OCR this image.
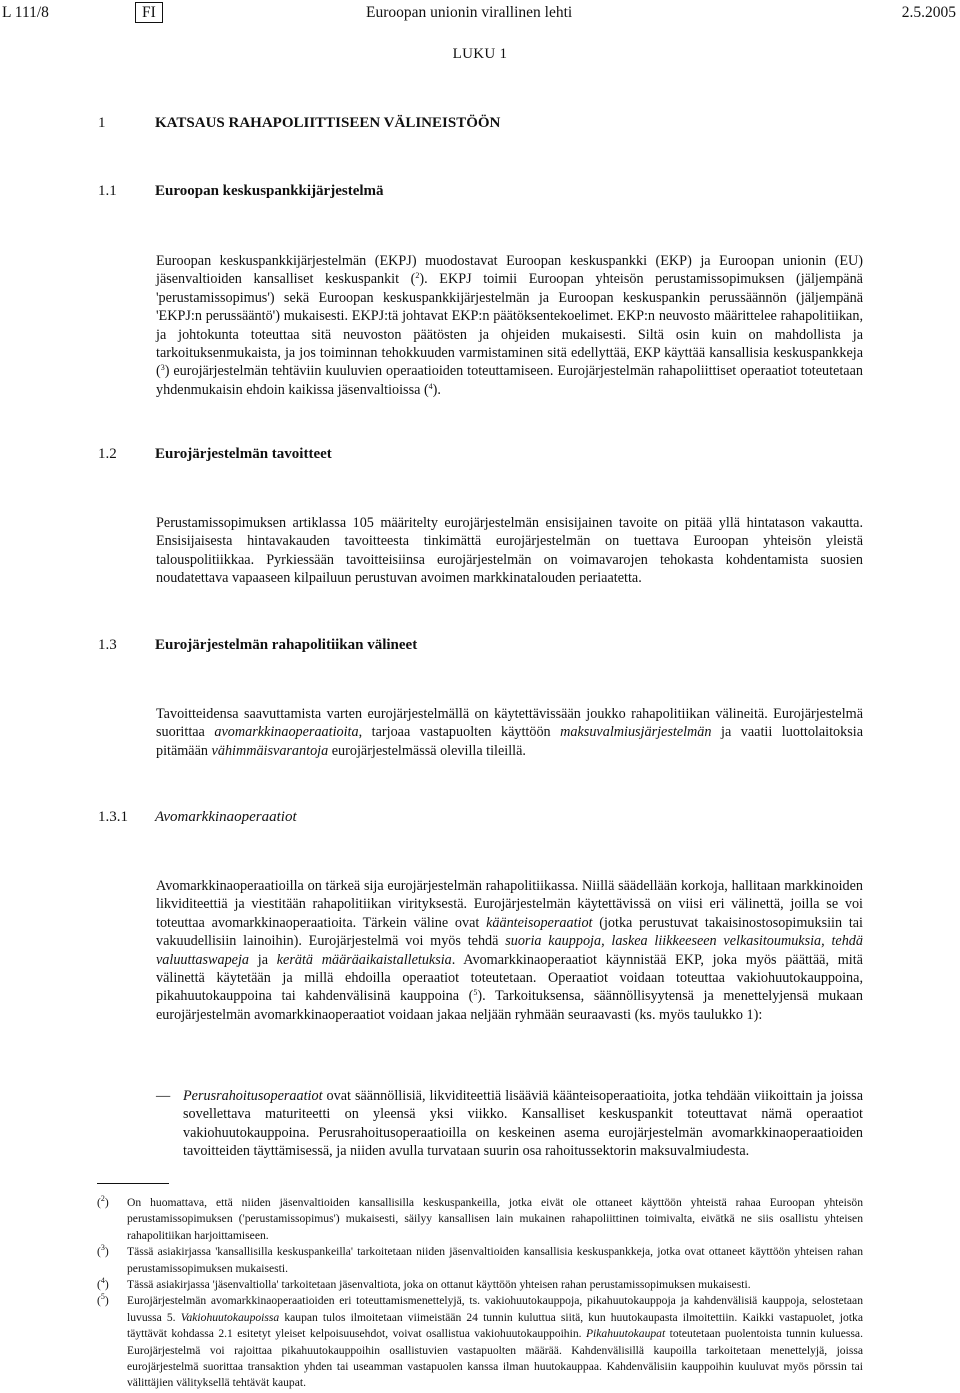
L 111/8	FI	Euroopan unionin virallinen lehti	2.5.2005
LUKU 1
1	KATSAUS RAHAPOLIITTISEEN VÄLINEISTÖÖN
1.1	Euroopan keskuspankkijärjestelmä

Euroopan keskuspankkijärjestelmän (EKPJ) muodostavat Euroopan keskuspankki (EKP) ja Euroopan unionin (EU) jäsenvaltioiden kansalliset keskuspankit ($^2$). EKPJ toimii Euroopan yhteisön perustamissopimuksen (jäljempänä 'perustamissopimus') sekä Euroopan keskuspankkijärjestelmän ja Euroopan keskuspankin perussäännön (jäljempänä 'EKPJ:n perussääntö') mukaisesti. EKPJ:tä johtavat EKP:n päätöksentekoelimet. EKP:n neuvosto määrittelee rahapolitiikan, ja johtokunta toteuttaa sitä neuvoston päätösten ja ohjeiden mukaisesti. Siltä osin kuin on mahdollista ja tarkoituksenmukaista, ja jos toiminnan tehokkuuden varmistaminen sitä edellyttää, EKP käyttää kansallisia keskuspankkeja ($^3$) eurojärjestelmän tehtäviin kuuluvien operaatioiden toteuttamiseen. Eurojärjestelmän rahapoliittiset operaatiot toteutetaan yhdenmukaisin ehdoin kaikissa jäsenvaltioissa ($^4$).

1.2	Eurojärjestelmän tavoitteet

Perustamissopimuksen artiklassa 105 määritelty eurojärjestelmän ensisijainen tavoite on pitää yllä hintatason vakautta. Ensisijaisesta hintavakauden tavoitteesta tinkimättä eurojärjestelmän on tuettava Euroopan yhteisön yleistä talouspolitiikkaa. Pyrkiessään tavoitteisiinsa eurojärjestelmän on voimavarojen tehokasta kohdentamista suosien noudatettava vapaaseen kilpailuun perustuvan avoimen markkinatalouden periaatetta.

1.3	Eurojärjestelmän rahapolitiikan välineet

Tavoitteidensa saavuttamista varten eurojärjestelmällä on käytettävissään joukko rahapolitiikan välineitä. Eurojärjestelmä suorittaa avomarkkinaoperaatioita, tarjoaa vastapuolten käyttöön maksuvalmiusjärjestelmän ja vaatii luottolaitoksia pitämään vähimmäisvarantoja eurojärjestelmässä olevilla tileillä.

1.3.1 Avomarkkinaoperaatiot

Avomarkkinaoperaatioilla on tärkeä sija eurojärjestelmän rahapolitiikassa. Niillä säädellään korkoja, hallitaan markkinoiden likviditeettiä ja viestitään rahapolitiikan virityksestä. Eurojärjestelmän käytettävissä on viisi eri välinettä, joilla se voi toteuttaa avomarkkinaoperaatioita. Tärkein väline ovat käänteisoperaatiot (jotka perustuvat takaisinostosopimuksiin tai vakuudellisiin lainoihin). Eurojärjestelmä voi myös tehdä suoria kauppoja, laskea liikkeeseen velkasitoumuksia, tehdä valuuttaswapeja ja kerätä määräaikaistalletuksia. Avomarkkinaoperaatiot käynnistää EKP, joka myös päättää, mitä välinettä käytetään ja millä ehdoilla operaatiot toteutetaan. Operaatiot voidaan toteuttaa vakiohuutokauppoina, pikahuutokauppoina tai kahdenvälisinä kauppoina ($^5$). Tarkoituksensa, säännöllisyytensä ja menettelyjensä mukaan eurojärjestelmän avomarkkinaoperaatiot voidaan jakaa neljään ryhmään seuraavasti (ks. myös taulukko 1):

— Perusrahoitusoperaatiot ovat säännöllisiä, likviditeettiä lisääviä käänteisoperaatioita, jotka tehdään viikoittain ja joissa sovellettava maturiteetti on yleensä yksi viikko. Kansalliset keskuspankit toteuttavat nämä operaatiot vakiohuutokauppoina. Perusrahoitusoperaatioilla on keskeinen asema eurojärjestelmän avomarkkinaoperaatioiden tavoitteiden täyttämisessä, ja niiden avulla turvataan suurin osa rahoitussektorin maksuvalmiudesta.
($^2$) On huomattava, että niiden jäsenvaltioiden kansallisilla keskuspankeilla, jotka eivät ole ottaneet käyttöön yhteistä rahaa Euroopan yhteisön perustamissopimuksen ('perustamissopimus') mukaisesti, säilyy kansallisen lain mukainen rahapoliittinen toimivalta, eivätkä ne siis osallistu yhteisen rahapolitiikan harjoittamiseen.
($^3$) Tässä asiakirjassa 'kansallisilla keskuspankeilla' tarkoitetaan niiden jäsenvaltioiden kansallisia keskuspankkeja, jotka ovat ottaneet käyttöön yhteisen rahan perustamissopimuksen mukaisesti.
($^4$) Tässä asiakirjassa 'jäsenvaltiolla' tarkoitetaan jäsenvaltiota, joka on ottanut käyttöön yhteisen rahan perustamissopimuksen mukaisesti.
($^5$) Eurojärjestelmän avomarkkinaoperaatioiden eri toteuttamismenettelyjä, ts. vakiohuutokauppoja, pikahuutokauppoja ja kahdenvälisiä kauppoja, selostetaan luvussa 5. Vakiohuutokaupoissa kaupan tulos ilmoitetaan viimeistään 24 tunnin kuluttua siitä, kun huutokaupasta ilmoitettiin. Kaikki vastapuolet, jotka täyttävät kohdassa 2.1 esitetyt yleiset kelpoisuusehdot, voivat osallistua vakiohuutokauppoihin. Pikahuutokaupat toteutetaan puolentoista tunnin kuluessa. Eurojärjestelmä voi rajoittaa pikahuutokauppoihin osallistuvien vastapuolten määrää. Kahdenvälisillä kaupoilla tarkoitetaan menettelyjä, joissa eurojärjestelmä suorittaa transaktion yhden tai useamman vastapuolen kanssa ilman huutokauppaa. Kahdenvälisiin kauppoihin kuuluvat myös pörssin tai välittäjien välityksellä tehtävät kaupat.
